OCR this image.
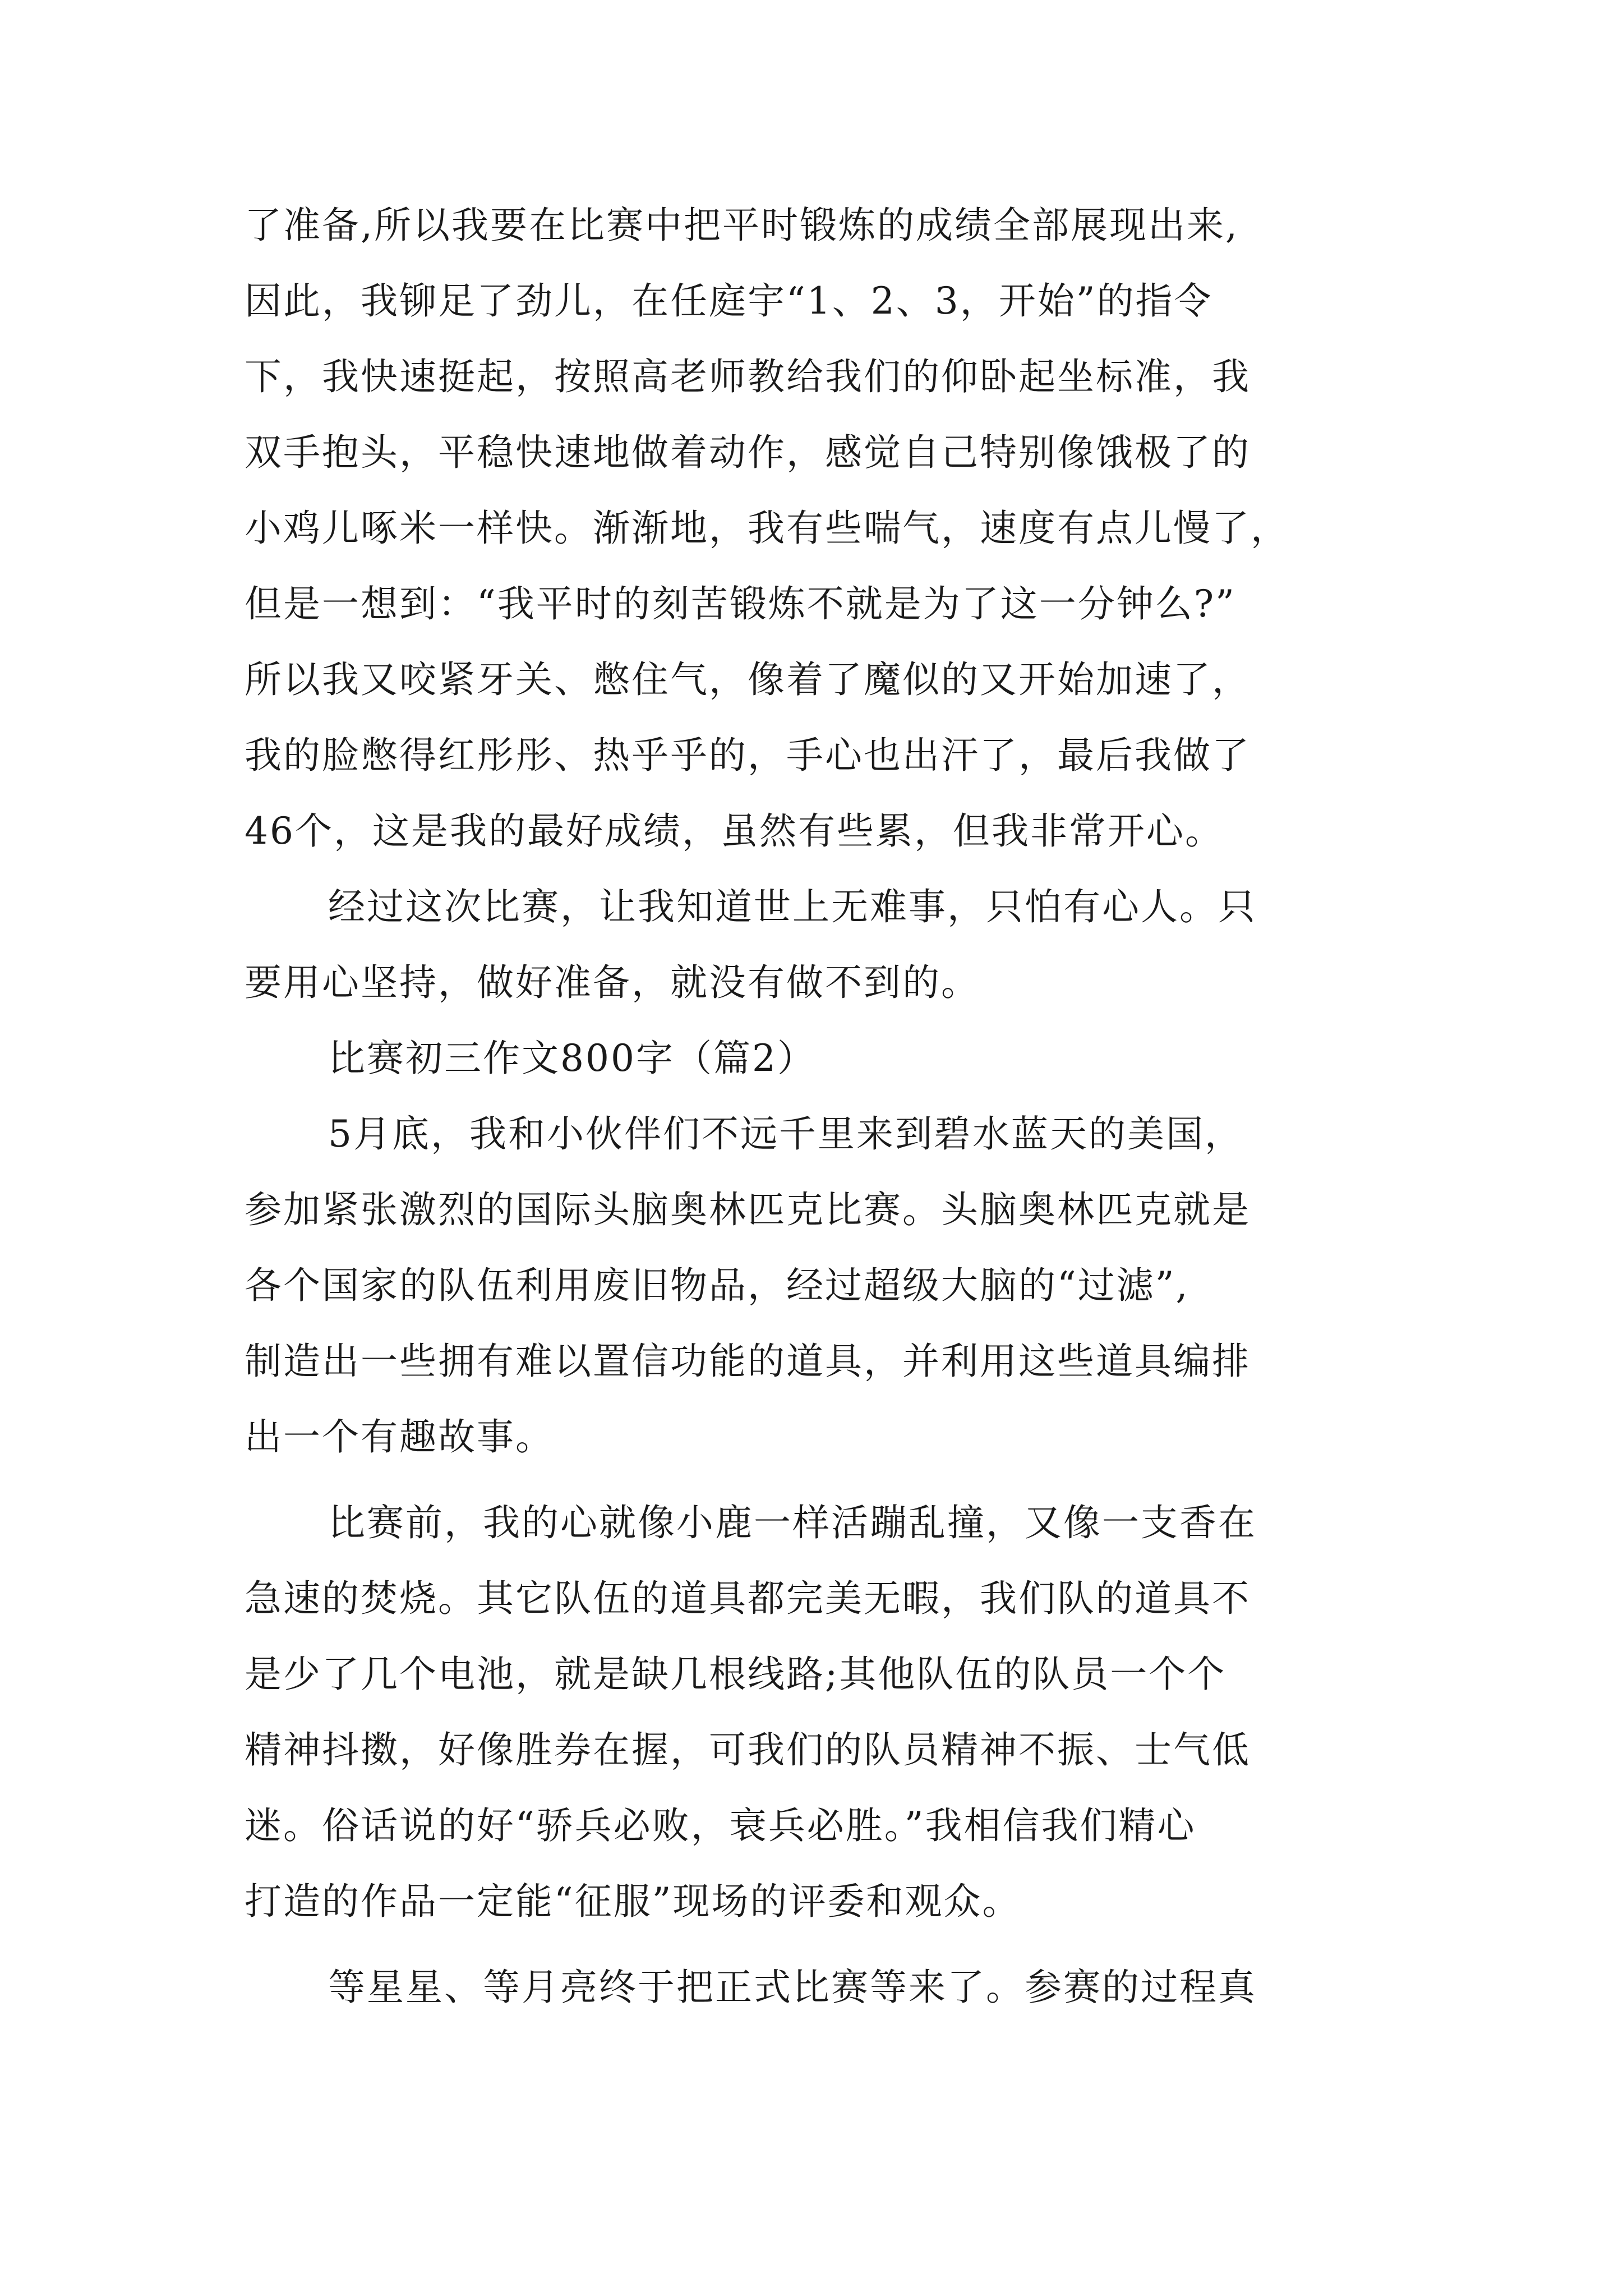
了准备,所以我要在比赛中把平时锻炼的成绩全部展现出来,
因此，我铆足了劲儿，在任庭宇“1、2、3，开始”的指令
下，我快速挺起，按照高老师教给我们的仰卧起坐标准，我
双手抱头，平稳快速地做着动作，感觉自己特别像饿极了的
小鸡儿啄米一样快。渐渐地，我有些喘气，速度有点儿慢了，
但是一想到：“我平时的刻苦锻炼不就是为了这一分钟么?”
所以我又咬紧牙关、憋住气，像着了魔似的又开始加速了，
我的脸憋得红彤彤、热乎乎的，手心也出汗了，最后我做了
46个，这是我的最好成绩，虽然有些累，但我非常开心。
经过这次比赛，让我知道世上无难事，只怕有心人。只
要用心坚持，做好准备，就没有做不到的。
比赛初三作文800字（篇2）
5月底，我和小伙伴们不远千里来到碧水蓝天的美国，
参加紧张激烈的国际头脑奥林匹克比赛。头脑奥林匹克就是
各个国家的队伍利用废旧物品，经过超级大脑的“过滤”,
制造出一些拥有难以置信功能的道具，并利用这些道具编排
出一个有趣故事。
比赛前，我的心就像小鹿一样活蹦乱撞，又像一支香在
急速的焚烧。其它队伍的道具都完美无暇，我们队的道具不
是少了几个电池，就是缺几根线路;其他队伍的队员一个个
精神抖擞，好像胜券在握，可我们的队员精神不振、士气低
迷。俗话说的好“骄兵必败，衰兵必胜。”我相信我们精心
打造的作品一定能“征服”现场的评委和观众。
等星星、等月亮终于把正式比赛等来了。参赛的过程真
